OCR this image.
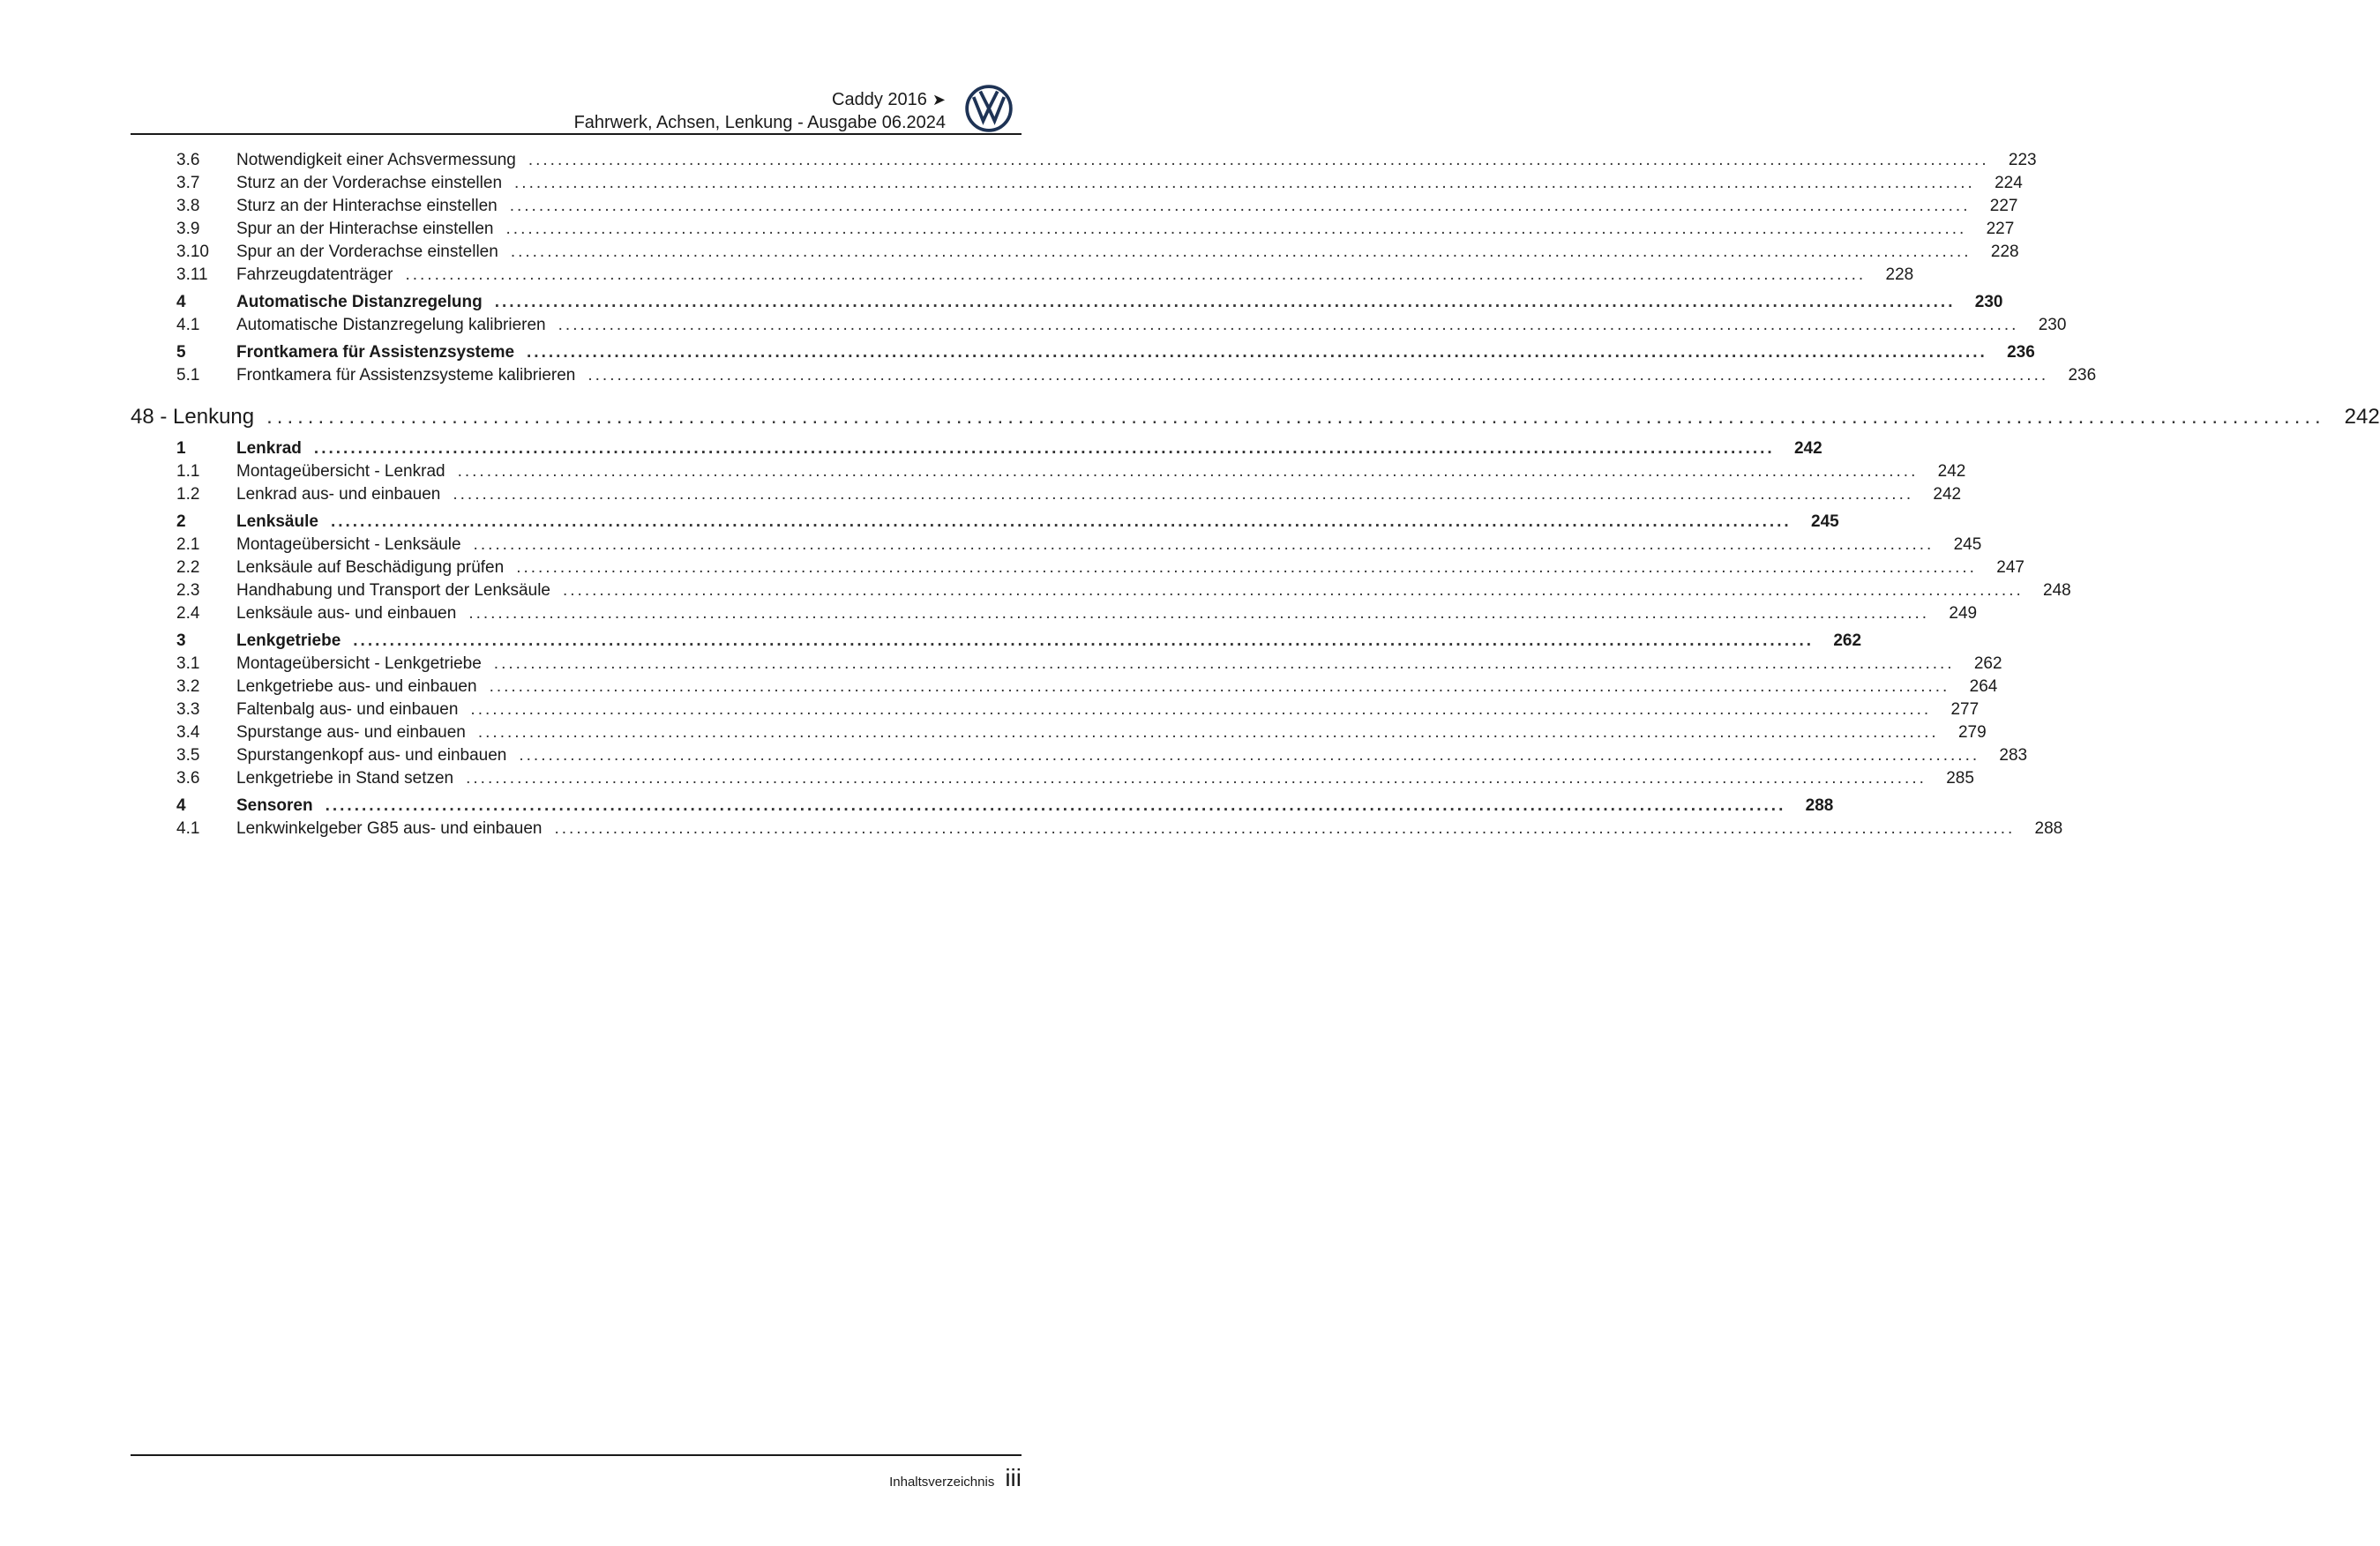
Caddy 2016 ➤
Fahrwerk, Achsen, Lenkung - Ausgabe 06.2024
3.6	Notwendigkeit einer Achsvermessung ........................................................................................................................................................................................................	223
3.7	Sturz an der Vorderachse einstellen ........................................................................................................................................................................................................	224
3.8	Sturz an der Hinterachse einstellen ........................................................................................................................................................................................................	227
3.9	Spur an der Hinterachse einstellen ........................................................................................................................................................................................................	227
3.10	Spur an der Vorderachse einstellen ........................................................................................................................................................................................................	228
3.11	Fahrzeugdatenträger ........................................................................................................................................................................................................	228
4	Automatische Distanzregelung ........................................................................................................................................................................................................	230
4.1	Automatische Distanzregelung kalibrieren ........................................................................................................................................................................................................	230
5	Frontkamera für Assistenzsysteme ........................................................................................................................................................................................................	236
5.1	Frontkamera für Assistenzsysteme kalibrieren ........................................................................................................................................................................................................	236
48 - Lenkung ........................................................................................................................................................................................................ 242
1	Lenkrad ........................................................................................................................................................................................................	242
1.1	Montageübersicht - Lenkrad ........................................................................................................................................................................................................	242
1.2	Lenkrad aus- und einbauen ........................................................................................................................................................................................................	242
2	Lenksäule ........................................................................................................................................................................................................	245
2.1	Montageübersicht - Lenksäule ........................................................................................................................................................................................................	245
2.2	Lenksäule auf Beschädigung prüfen ........................................................................................................................................................................................................	247
2.3	Handhabung und Transport der Lenksäule ........................................................................................................................................................................................................	248
2.4	Lenksäule aus- und einbauen ........................................................................................................................................................................................................	249
3	Lenkgetriebe ........................................................................................................................................................................................................	262
3.1	Montageübersicht - Lenkgetriebe ........................................................................................................................................................................................................	262
3.2	Lenkgetriebe aus- und einbauen ........................................................................................................................................................................................................	264
3.3	Faltenbalg aus- und einbauen ........................................................................................................................................................................................................	277
3.4	Spurstange aus- und einbauen ........................................................................................................................................................................................................	279
3.5	Spurstangenkopf aus- und einbauen ........................................................................................................................................................................................................	283
3.6	Lenkgetriebe in Stand setzen ........................................................................................................................................................................................................	285
4	Sensoren ........................................................................................................................................................................................................	288
4.1	Lenkwinkelgeber G85 aus- und einbauen ........................................................................................................................................................................................................	288
Inhaltsverzeichnis iii
